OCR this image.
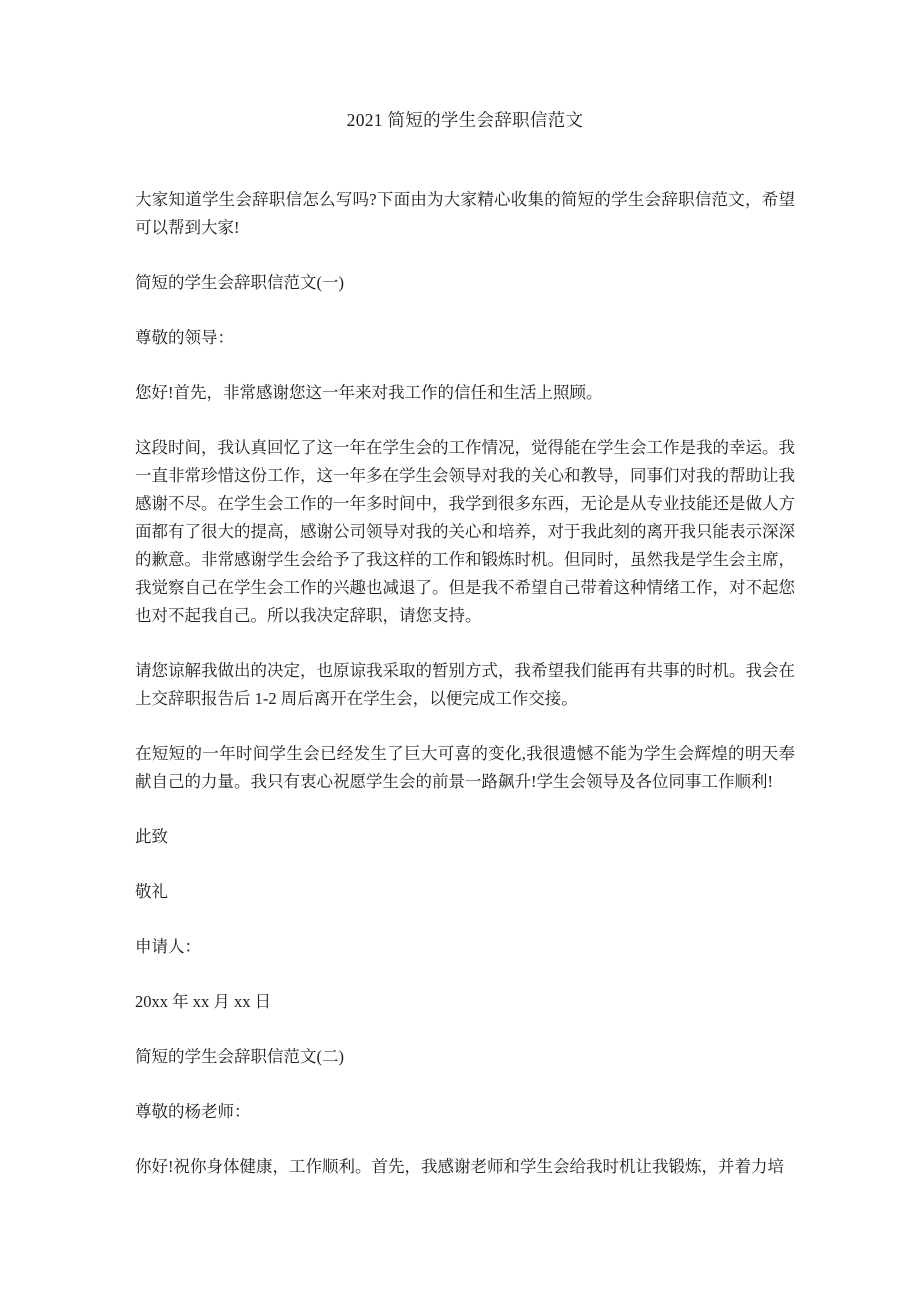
2021 简短的学生会辞职信范文

大家知道学生会辞职信怎么写吗?下面由为大家精心收集的简短的学生会辞职信范文，希望可以帮到大家!

简短的学生会辞职信范文(一)

尊敬的领导：

您好!首先，非常感谢您这一年来对我工作的信任和生活上照顾。

这段时间，我认真回忆了这一年在学生会的工作情况，觉得能在学生会工作是我的幸运。我一直非常珍惜这份工作，这一年多在学生会领导对我的关心和教导，同事们对我的帮助让我感谢不尽。在学生会工作的一年多时间中，我学到很多东西，无论是从专业技能还是做人方面都有了很大的提高，感谢公司领导对我的关心和培养，对于我此刻的离开我只能表示深深的歉意。非常感谢学生会给予了我这样的工作和锻炼时机。但同时，虽然我是学生会主席，我觉察自己在学生会工作的兴趣也减退了。但是我不希望自己带着这种情绪工作，对不起您也对不起我自己。所以我决定辞职，请您支持。

请您谅解我做出的决定，也原谅我采取的暂别方式，我希望我们能再有共事的时机。我会在上交辞职报告后 1-2 周后离开在学生会，以便完成工作交接。

在短短的一年时间学生会已经发生了巨大可喜的变化,我很遗憾不能为学生会辉煌的明天奉献自己的力量。我只有衷心祝愿学生会的前景一路飙升!学生会领导及各位同事工作顺利!

此致

敬礼

申请人：

20xx 年 xx 月 xx 日

简短的学生会辞职信范文(二)

尊敬的杨老师：

你好!祝你身体健康，工作顺利。首先，我感谢老师和学生会给我时机让我锻炼，并着力培
